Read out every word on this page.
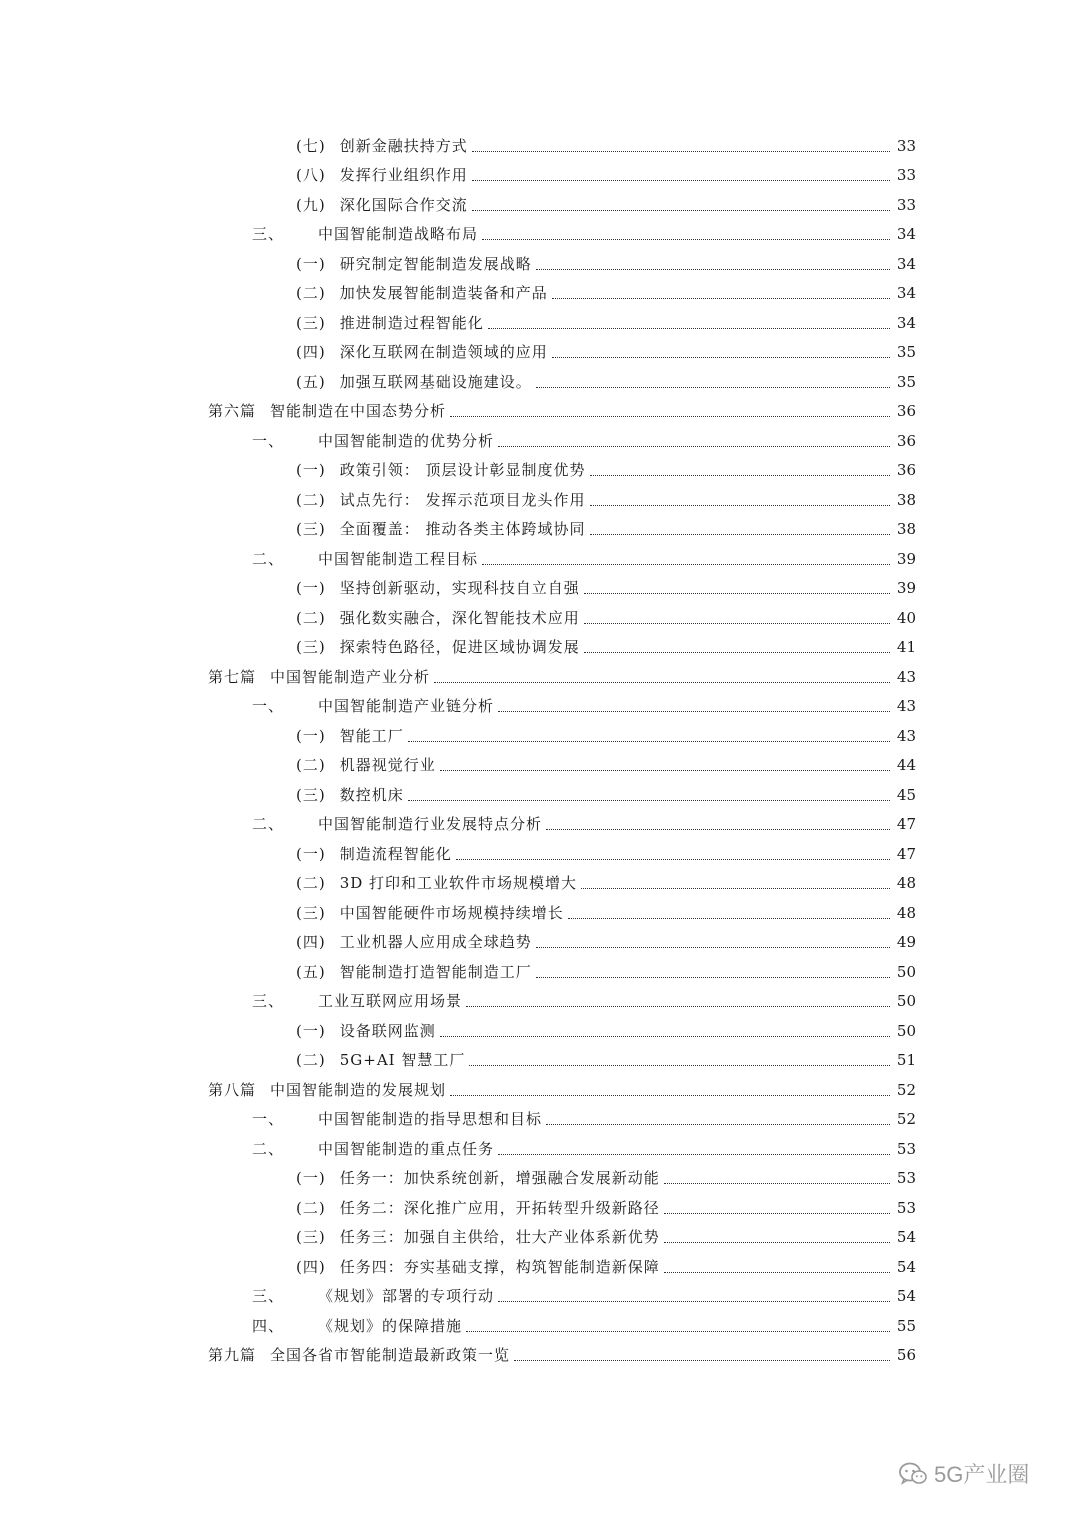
(七) 创新金融扶持方式	33
(八) 发挥行业组织作用	33
(九) 深化国际合作交流	33
三、 中国智能制造战略布局	34
(一) 研究制定智能制造发展战略	34
(二) 加快发展智能制造装备和产品	34
(三) 推进制造过程智能化	34
(四) 深化互联网在制造领域的应用	35
(五) 加强互联网基础设施建设。	35
第六篇 智能制造在中国态势分析	36
一、 中国智能制造的优势分析	36
(一) 政策引领： 顶层设计彰显制度优势	36
(二) 试点先行： 发挥示范项目龙头作用	38
(三) 全面覆盖： 推动各类主体跨域协同	38
二、 中国智能制造工程目标	39
(一) 坚持创新驱动，实现科技自立自强	39
(二) 强化数实融合，深化智能技术应用	40
(三) 探索特色路径，促进区域协调发展	41
第七篇 中国智能制造产业分析	43
一、 中国智能制造产业链分析	43
(一) 智能工厂	43
(二) 机器视觉行业	44
(三) 数控机床	45
二、 中国智能制造行业发展特点分析	47
(一) 制造流程智能化	47
(二) 3D 打印和工业软件市场规模增大	48
(三) 中国智能硬件市场规模持续增长	48
(四) 工业机器人应用成全球趋势	49
(五) 智能制造打造智能制造工厂	50
三、 工业互联网应用场景	50
(一) 设备联网监测	50
(二) 5G+AI 智慧工厂	51
第八篇 中国智能制造的发展规划	52
一、 中国智能制造的指导思想和目标	52
二、 中国智能制造的重点任务	53
(一) 任务一：加快系统创新，增强融合发展新动能	53
(二) 任务二：深化推广应用，开拓转型升级新路径	53
(三) 任务三：加强自主供给，壮大产业体系新优势	54
(四) 任务四：夯实基础支撑，构筑智能制造新保障	54
三、 《规划》部署的专项行动	54
四、 《规划》的保障措施	55
第九篇 全国各省市智能制造最新政策一览	56
5G产业圈
